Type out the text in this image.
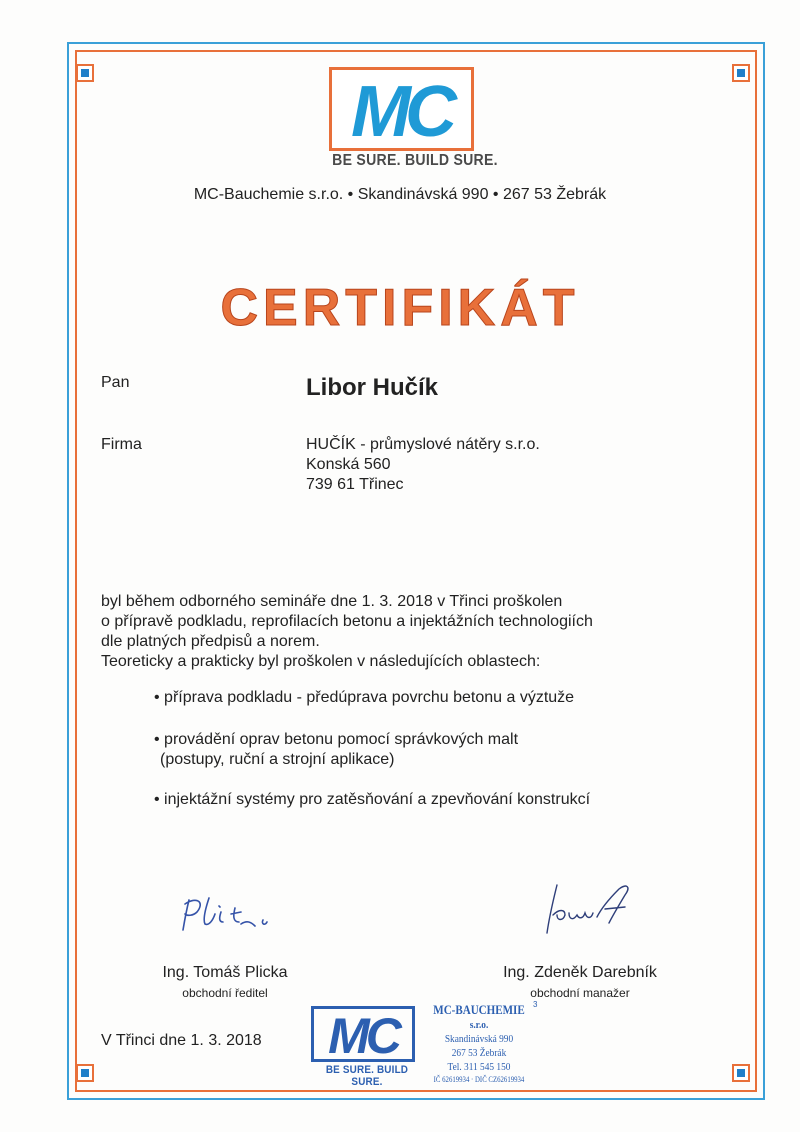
MC
BE SURE. BUILD SURE.
MC-Bauchemie s.r.o. • Skandinávská 990 • 267 53 Žebrák
CERTIFIKÁT
Pan	Libor Hučík
Firma	HUČÍK - průmyslové nátěry s.r.o.
Konská 560
739 61 Třinec
byl během odborného semináře dne 1. 3. 2018 v Třinci proškolen
o přípravě podkladu, reprofilacích betonu a injektážních technologiích
dle platných předpisů a norem.
Teoreticky a prakticky byl proškolen v následujících oblastech:
• příprava podkladu - předúprava povrchu betonu a výztuže
• provádění oprav betonu pomocí správkových malt
(postupy, ruční a strojní aplikace)
• injektážní systémy pro zatěsňování a zpevňování konstrukcí
Ing. Tomáš Plicka
obchodní ředitel
Ing. Zdeněk Darebník
obchodní manažer
V Třinci dne 1. 3. 2018 MC
BE SURE. BUILD SURE.
MC-BAUCHEMIE
s.r.o.
Skandinávská 990
267 53 Žebrák
Tel. 311 545 150
IČ 62619934 · DIČ CZ62619934
3
